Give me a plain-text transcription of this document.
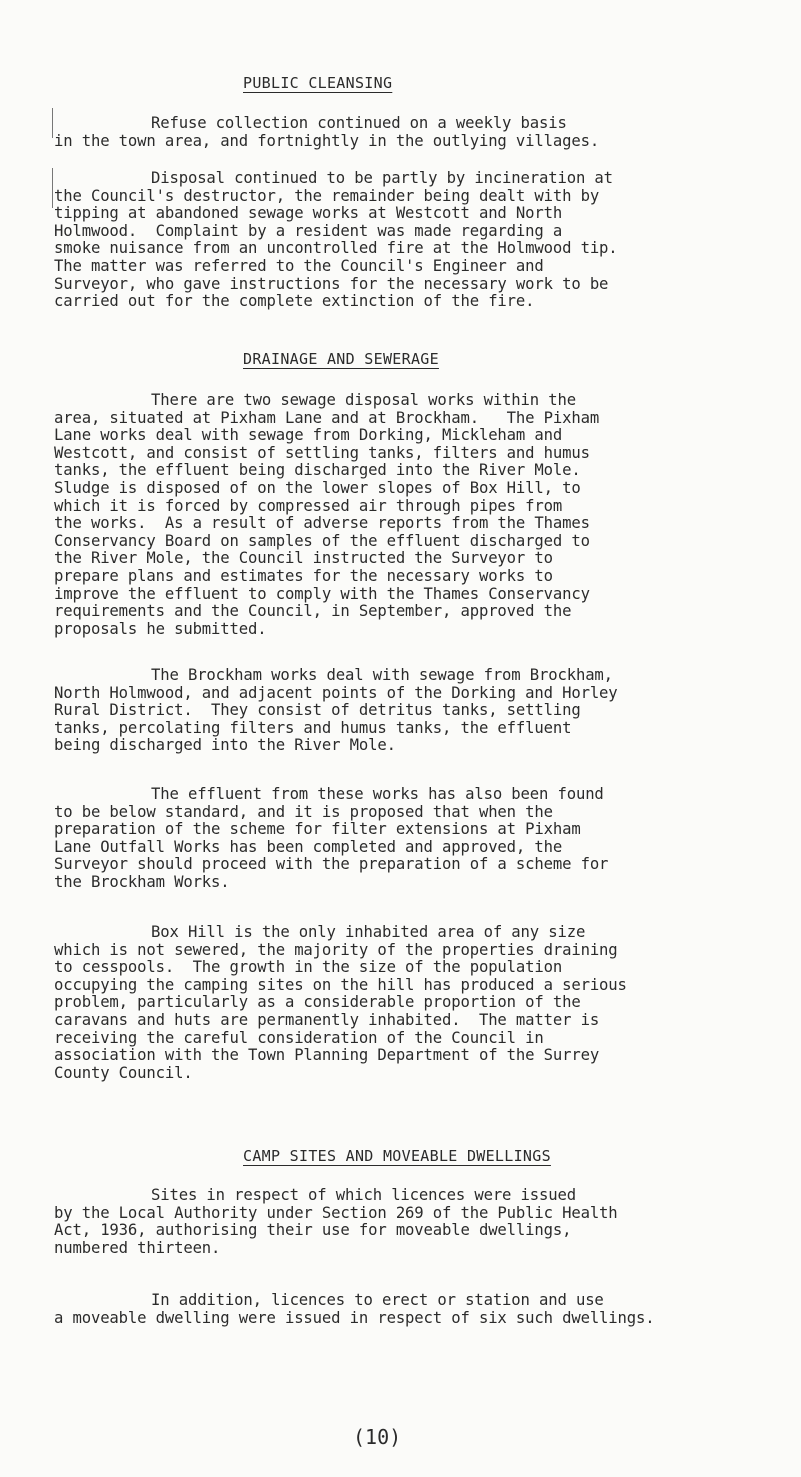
PUBLIC CLEANSING
Refuse collection continued on a weekly basis
in the town area, and fortnightly in the outlying villages.
Disposal continued to be partly by incineration at
the Council's destructor, the remainder being dealt with by
tipping at abandoned sewage works at Westcott and North
Holmwood.  Complaint by a resident was made regarding a
smoke nuisance from an uncontrolled fire at the Holmwood tip.
The matter was referred to the Council's Engineer and
Surveyor, who gave instructions for the necessary work to be
carried out for the complete extinction of the fire.
DRAINAGE AND SEWERAGE
There are two sewage disposal works within the
area, situated at Pixham Lane and at Brockham.   The Pixham
Lane works deal with sewage from Dorking, Mickleham and
Westcott, and consist of settling tanks, filters and humus
tanks, the effluent being discharged into the River Mole.
Sludge is disposed of on the lower slopes of Box Hill, to
which it is forced by compressed air through pipes from
the works.  As a result of adverse reports from the Thames
Conservancy Board on samples of the effluent discharged to
the River Mole, the Council instructed the Surveyor to
prepare plans and estimates for the necessary works to
improve the effluent to comply with the Thames Conservancy
requirements and the Council, in September, approved the
proposals he submitted.
The Brockham works deal with sewage from Brockham,
North Holmwood, and adjacent points of the Dorking and Horley
Rural District.  They consist of detritus tanks, settling
tanks, percolating filters and humus tanks, the effluent
being discharged into the River Mole.
The effluent from these works has also been found
to be below standard, and it is proposed that when the
preparation of the scheme for filter extensions at Pixham
Lane Outfall Works has been completed and approved, the
Surveyor should proceed with the preparation of a scheme for
the Brockham Works.
Box Hill is the only inhabited area of any size
which is not sewered, the majority of the properties draining
to cesspools.  The growth in the size of the population
occupying the camping sites on the hill has produced a serious
problem, particularly as a considerable proportion of the
caravans and huts are permanently inhabited.  The matter is
receiving the careful consideration of the Council in
association with the Town Planning Department of the Surrey
County Council.
CAMP SITES AND MOVEABLE DWELLINGS
Sites in respect of which licences were issued
by the Local Authority under Section 269 of the Public Health
Act, 1936, authorising their use for moveable dwellings,
numbered thirteen.
In addition, licences to erect or station and use
a moveable dwelling were issued in respect of six such dwellings.
(10)
